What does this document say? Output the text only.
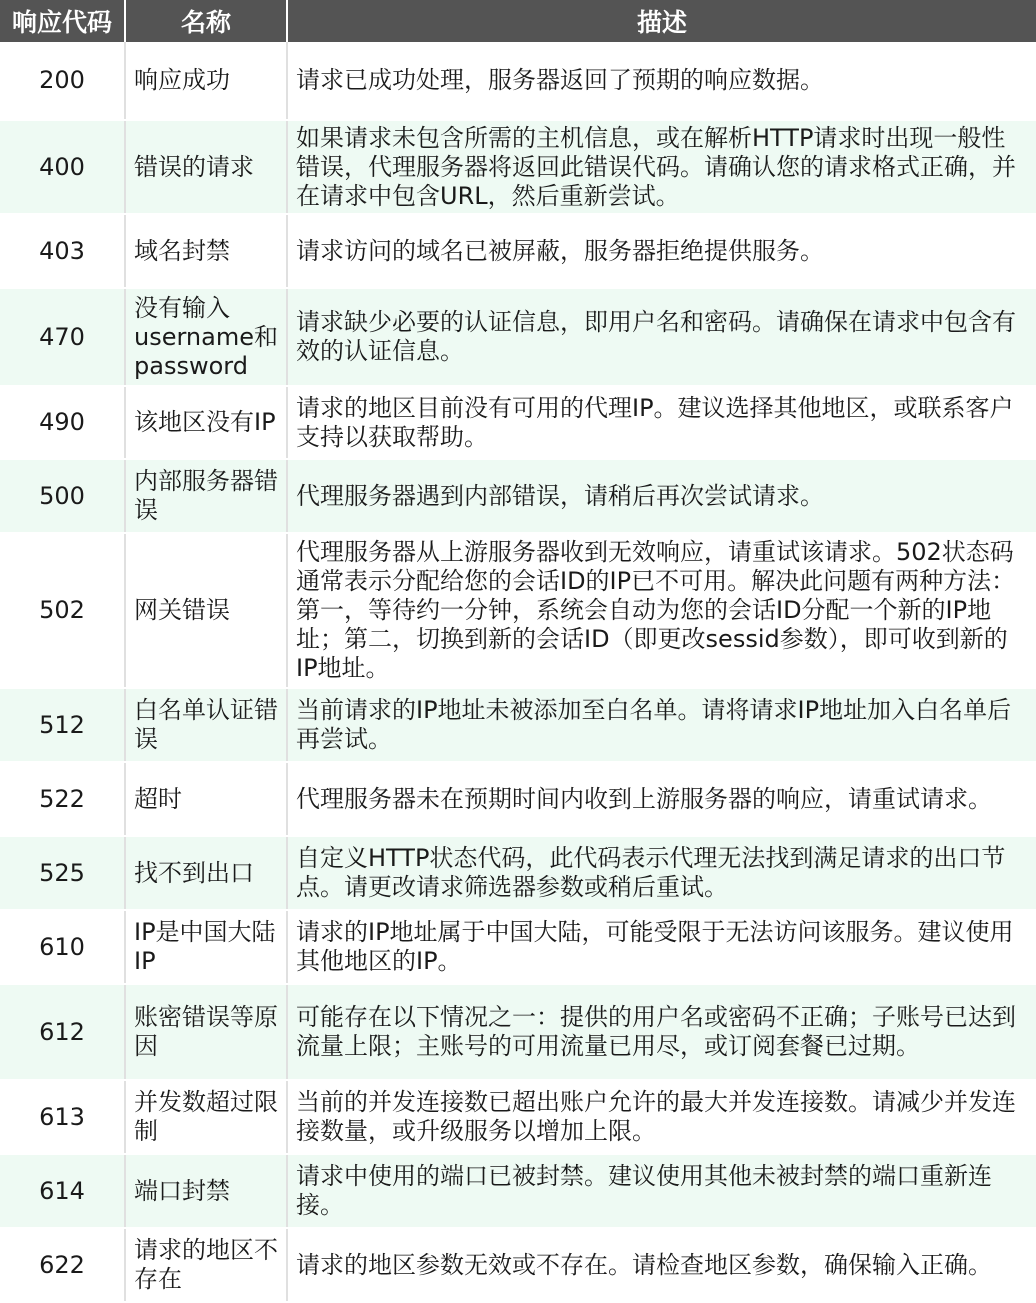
响应代码	名称	描述
200	响应成功	请求已成功处理，服务器返回了预期的响应数据。
400	错误的请求	如果请求未包含所需的主机信息，或在解析HTTP请求时出现一般性错误，代理服务器将返回此错误代码。请确认您的请求格式正确，并在请求中包含URL，然后重新尝试。
403	域名封禁	请求访问的域名已被屏蔽，服务器拒绝提供服务。
470	没有输入username和password	请求缺少必要的认证信息，即用户名和密码。请确保在请求中包含有效的认证信息。
490	该地区没有IP	请求的地区目前没有可用的代理IP。建议选择其他地区，或联系客户支持以获取帮助。
500	内部服务器错误	代理服务器遇到内部错误，请稍后再次尝试请求。
502	网关错误	代理服务器从上游服务器收到无效响应，请重试该请求。502状态码通常表示分配给您的会话ID的IP已不可用。解决此问题有两种方法：第一，等待约一分钟，系统会自动为您的会话ID分配一个新的IP地址；第二，切换到新的会话ID（即更改sessid参数），即可收到新的IP地址。
512	白名单认证错误	当前请求的IP地址未被添加至白名单。请将请求IP地址加入白名单后再尝试。
522	超时	代理服务器未在预期时间内收到上游服务器的响应，请重试请求。
525	找不到出口	自定义HTTP状态代码，此代码表示代理无法找到满足请求的出口节点。请更改请求筛选器参数或稍后重试。
610	IP是中国大陆IP	请求的IP地址属于中国大陆，可能受限于无法访问该服务。建议使用其他地区的IP。
612	账密错误等原因	可能存在以下情况之一：提供的用户名或密码不正确；子账号已达到流量上限；主账号的可用流量已用尽，或订阅套餐已过期。
613	并发数超过限制	当前的并发连接数已超出账户允许的最大并发连接数。请减少并发连接数量，或升级服务以增加上限。
614	端口封禁	请求中使用的端口已被封禁。建议使用其他未被封禁的端口重新连接。
622	请求的地区不存在	请求的地区参数无效或不存在。请检查地区参数，确保输入正确。
